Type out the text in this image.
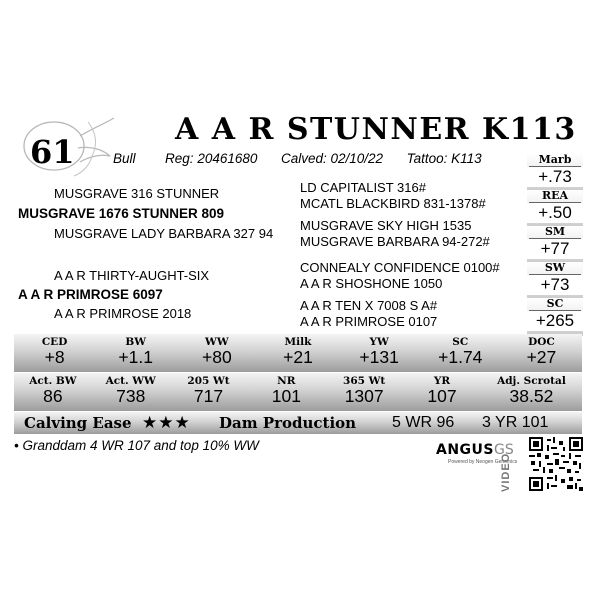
61
A A R STUNNER K113
Bull Reg: 20461680 Calved: 02/10/22 Tattoo: K113
MUSGRAVE 316 STUNNER
MUSGRAVE 1676 STUNNER 809
MUSGRAVE LADY BARBARA 327 94
A A R THIRTY-AUGHT-SIX
A A R PRIMROSE 6097
A A R PRIMROSE 2018
LD CAPITALIST 316#
MCATL BLACKBIRD 831-1378#
MUSGRAVE SKY HIGH 1535
MUSGRAVE BARBARA 94-272#
CONNEALY CONFIDENCE 0100#
A A R SHOSHONE 1050
A A R TEN X 7008 S A#
A A R PRIMROSE 0107
Marb
+.73
REA
+.50
SM
+77
SW
+73
SC
+265
CED
+8
BW
+1.1
WW
+80
Milk
+21
YW
+131
SC
+1.74
DOC
+27
Act. BW
86
Act. WW
738
205 Wt
717
NR
101
365 Wt
1307
YR
107
Adj. Scrotal
38.52
Calving Ease ★★★ Dam Production 5 WR 96 3 YR 101
• Granddam 4 WR 107 and top 10% WW	ANGUSGS
Powered by Neogen Genomics
VIDEO
